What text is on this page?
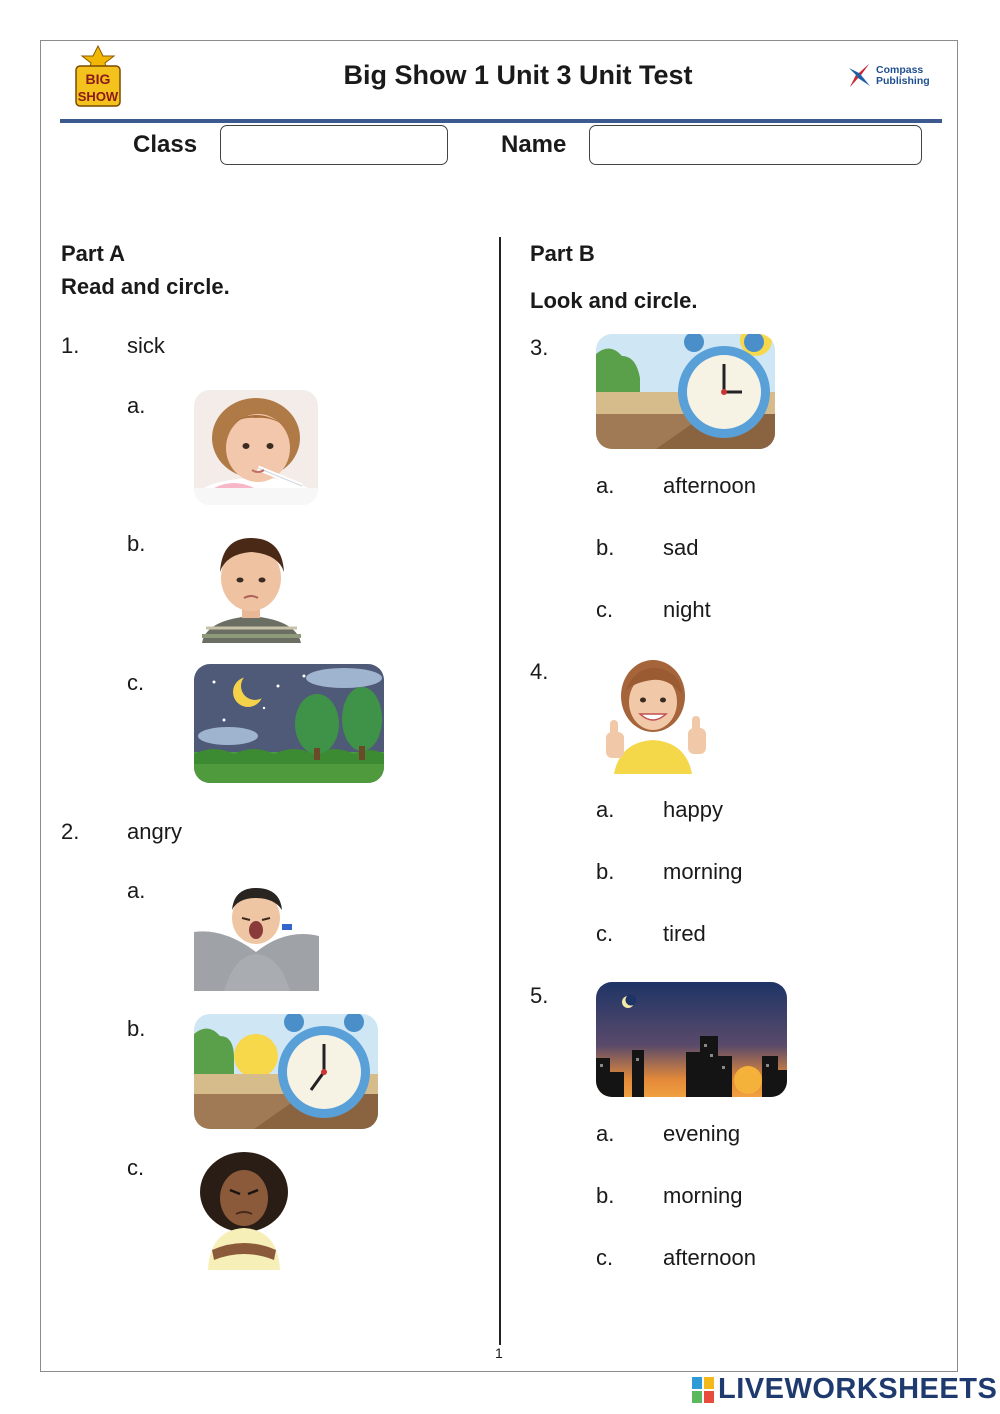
BIG
SHOW
Big Show 1 Unit 3 Unit Test	Compass
Publishing
Class	Name
Part A
Read and circle.
1. sick
a.
b.
c.
2. angry
a.
b.
c.
Part B
Look and circle.
3.
a. afternoon
b. sad
c. night
4.
a. happy
b. morning
c. tired
5.
a. evening
b. morning
c. afternoon
1
LIVEWORKSHEETS
